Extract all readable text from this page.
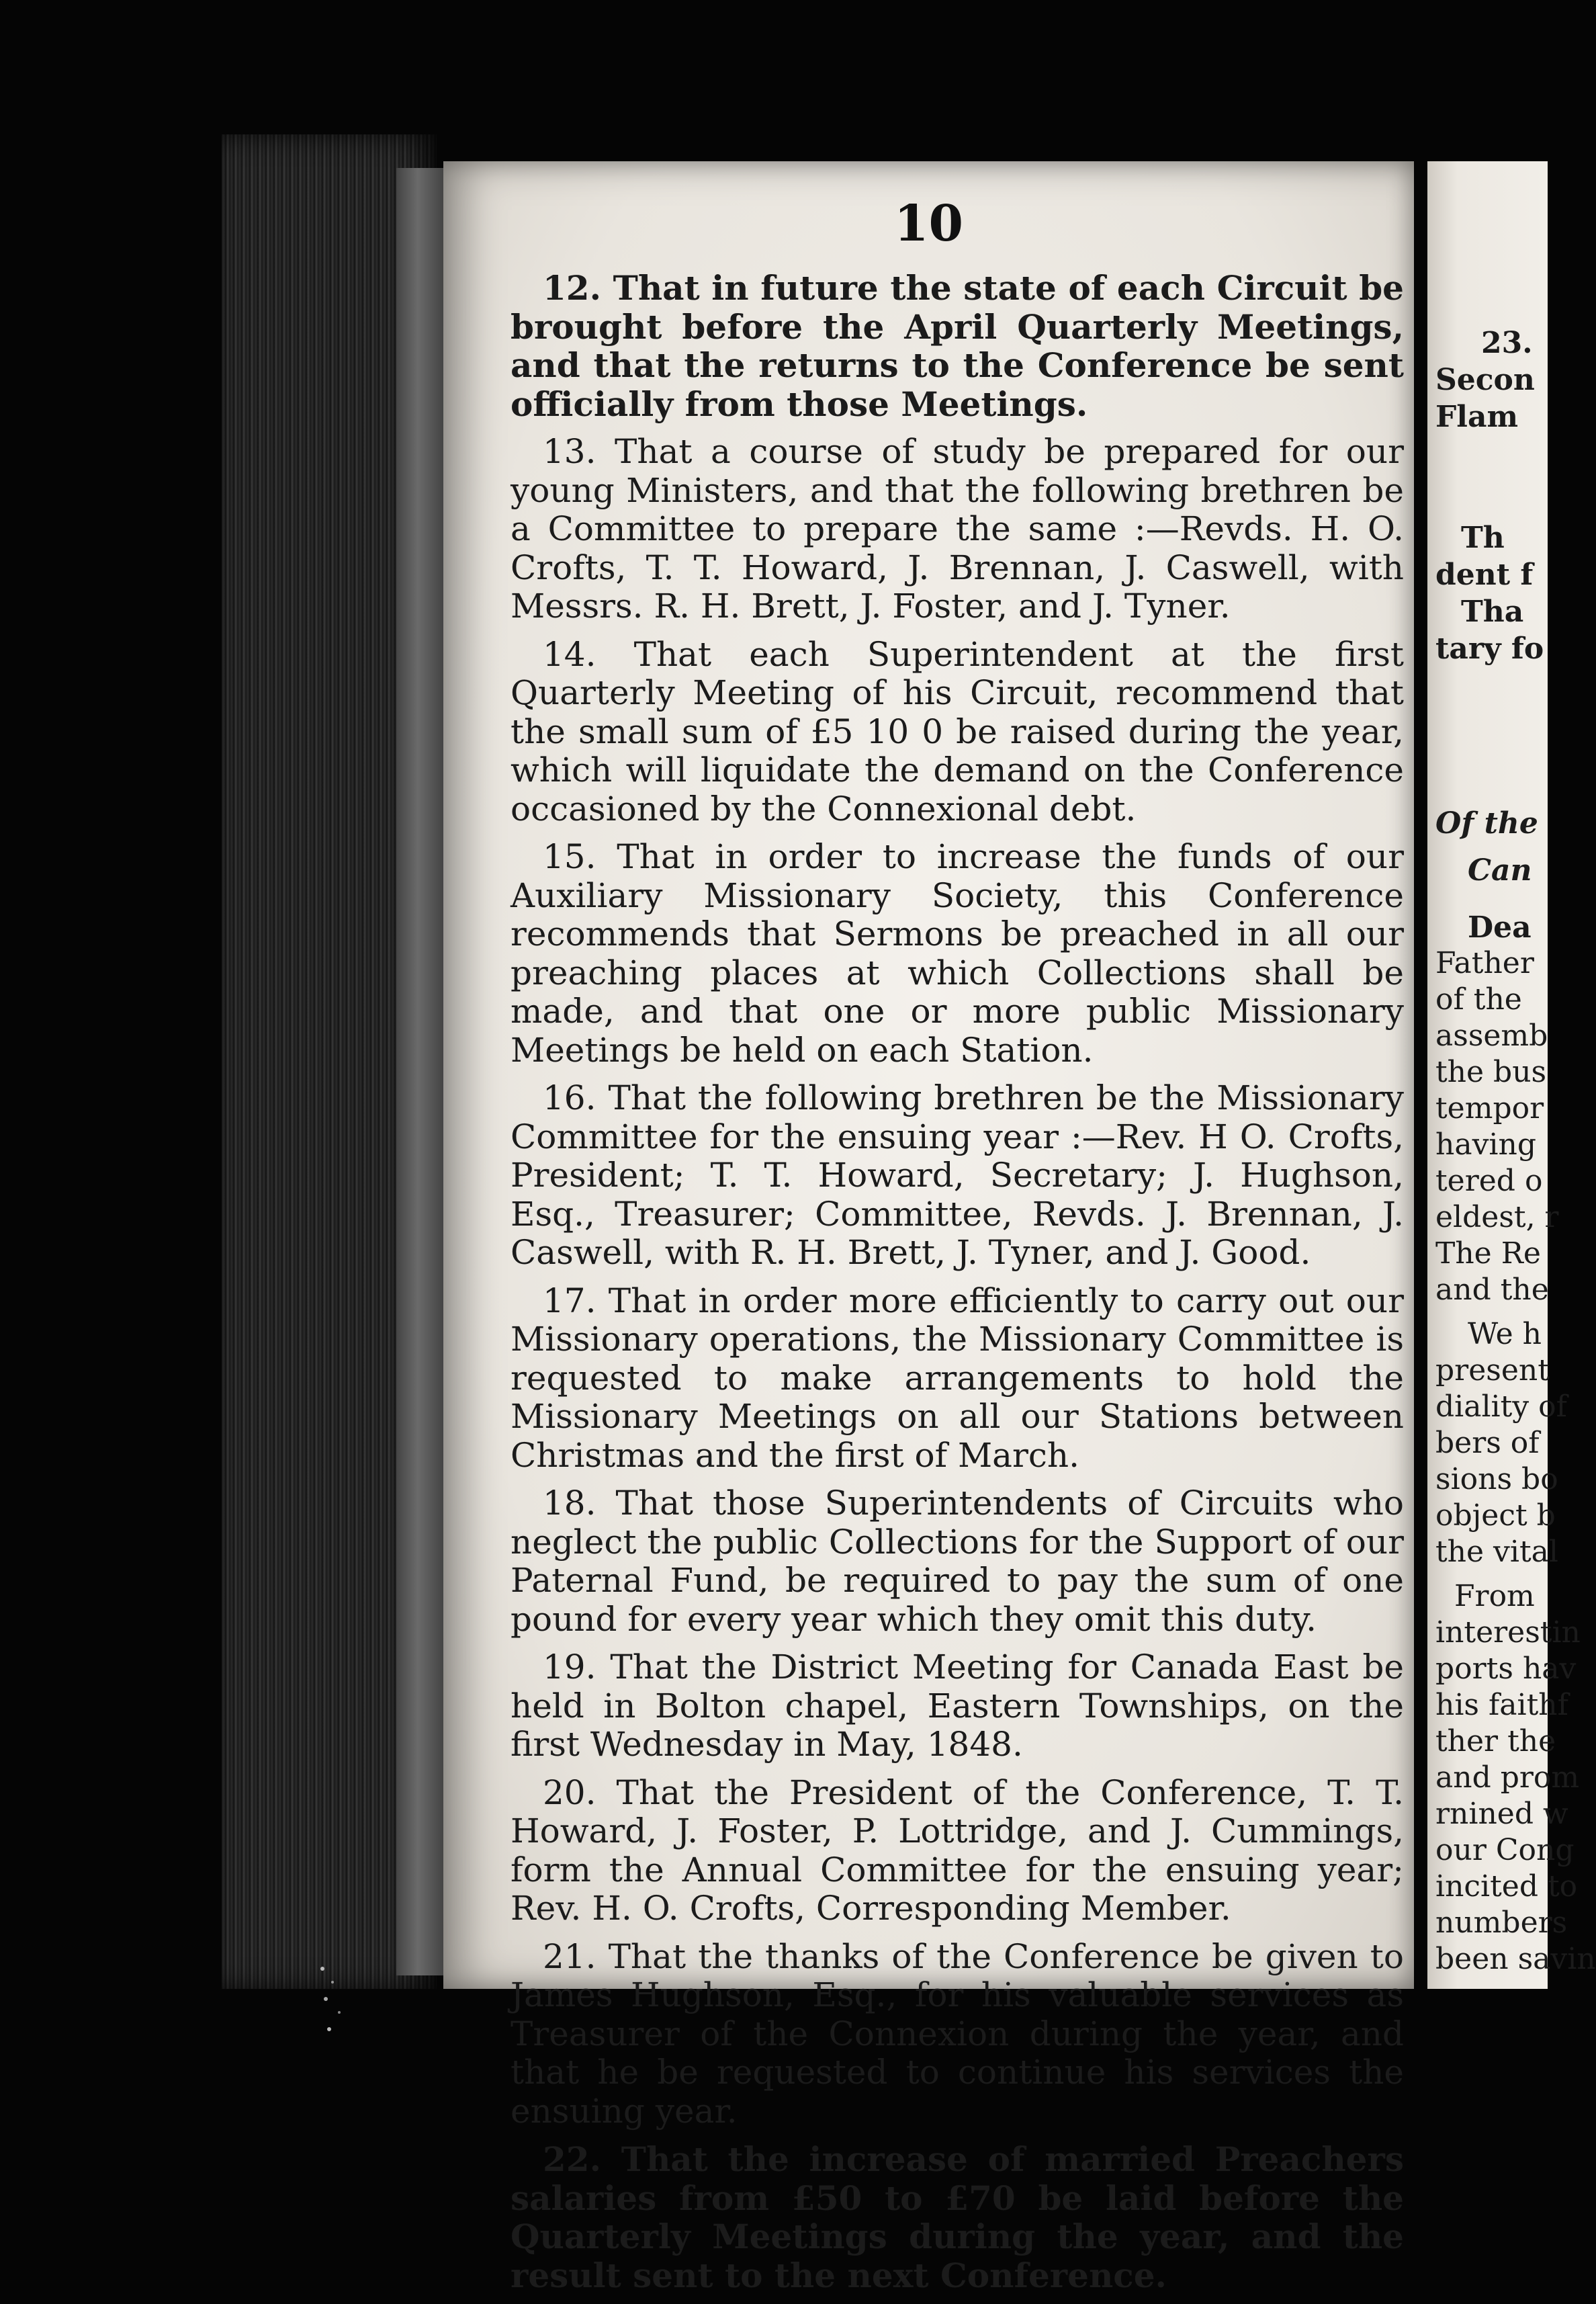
10

12. That in future the state of each Circuit be brought before the April Quarterly Meetings, and that the returns to the Conference be sent officially from those Meetings.

13. That a course of study be prepared for our young Ministers, and that the following brethren be a Committee to prepare the same :—Revds. H. O. Crofts, T. T. Howard, J. Brennan, J. Caswell, with Messrs. R. H. Brett, J. Foster, and J. Tyner.

14. That each Superintendent at the first Quarterly Meeting of his Circuit, recommend that the small sum of £5 10 0 be raised during the year, which will liquidate the demand on the Conference occasioned by the Connexional debt.

15. That in order to increase the funds of our Auxiliary Missionary Society, this Conference recommends that Sermons be preached in all our preaching places at which Collections shall be made, and that one or more public Missionary Meetings be held on each Station.

16. That the following brethren be the Missionary Committee for the ensuing year :—Rev. H O. Crofts, President; T. T. Howard, Secretary; J. Hughson, Esq., Treasurer; Committee, Revds. J. Brennan, J. Caswell, with R. H. Brett, J. Tyner, and J. Good.

17. That in order more efficiently to carry out our Missionary operations, the Missionary Committee is requested to make arrangements to hold the Missionary Meetings on all our Stations between Christmas and the first of March.

18. That those Superintendents of Circuits who neglect the public Collections for the Support of our Paternal Fund, be required to pay the sum of one pound for every year which they omit this duty.

19. That the District Meeting for Canada East be held in Bolton chapel, Eastern Townships, on the first Wednesday in May, 1848.

20. That the President of the Conference, T. T. Howard, J. Foster, P. Lottridge, and J. Cummings, form the Annual Committee for the ensuing year; Rev. H. O. Crofts, Corresponding Member.

21. That the thanks of the Conference be given to James Hughson, Esq., for his valuable services as Treasurer of the Connexion during the year, and that he be requested to continue his services the ensuing year.

22. That the increase of married Preachers salaries from £50 to £70 be laid before the Quarterly Meetings during the year, and the result sent to the next Conference.

23.
Secon
Flam
Th
dent f
Tha
tary fo
Of the
Can
Dea
Father
of the
assemb
the bus
tempor
having
tered o
eldest, r
The Re
and the
We h
present
diality of
bers of
sions bo
object b
the vital
From
interestin
ports hav
his faithf
ther the
and prom
rnined w
our Cong
incited to
numbers
been savin
